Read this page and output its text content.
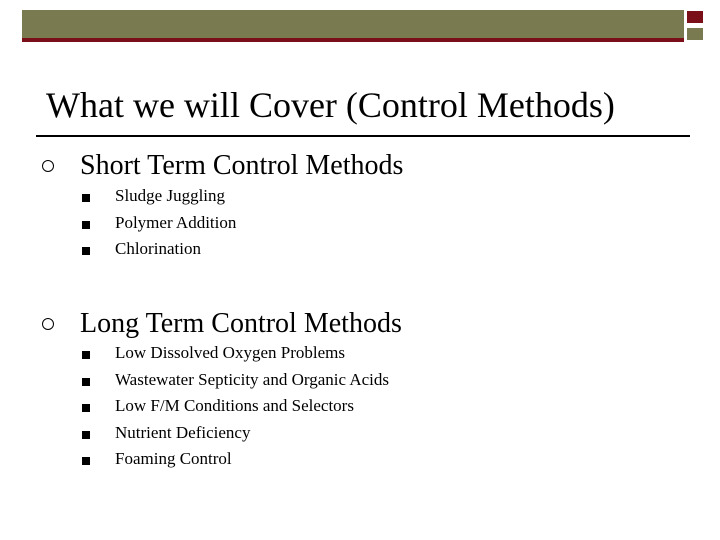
What we will Cover (Control Methods)
Short Term Control Methods
Sludge Juggling
Polymer Addition
Chlorination
Long Term Control Methods
Low Dissolved Oxygen Problems
Wastewater Septicity and Organic Acids
Low F/M Conditions and Selectors
Nutrient Deficiency
Foaming Control
